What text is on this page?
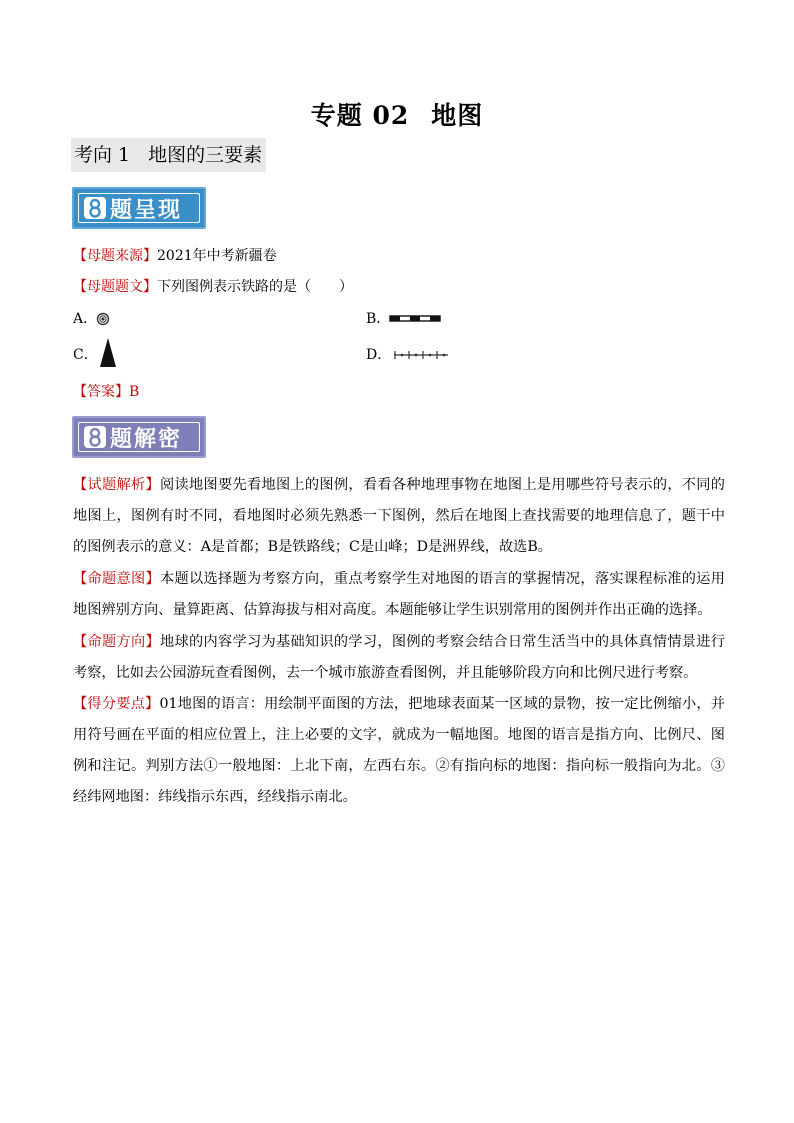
专题 02 地图
考向 1 地图的三要素
题呈现
【母题来源】2021年中考新疆卷
【母题题文】下列图例表示铁路的是（　　）
A．	B．
C．	D．
【答案】B
题解密
【试题解析】阅读地图要先看地图上的图例，看看各种地理事物在地图上是用哪些符号表示的，不同的地图上，图例有时不同，看地图时必须先熟悉一下图例，然后在地图上查找需要的地理信息了，题干中的图例表示的意义：A是首都；B是铁路线；C是山峰；D是洲界线，故选B。
【命题意图】本题以选择题为考察方向，重点考察学生对地图的语言的掌握情况，落实课程标准的运用地图辨别方向、量算距离、估算海拔与相对高度。本题能够让学生识别常用的图例并作出正确的选择。
【命题方向】地球的内容学习为基础知识的学习，图例的考察会结合日常生活当中的具体真情情景进行考察，比如去公园游玩查看图例，去一个城市旅游查看图例，并且能够阶段方向和比例尺进行考察。
【得分要点】01地图的语言：用绘制平面图的方法，把地球表面某一区域的景物，按一定比例缩小，并用符号画在平面的相应位置上，注上必要的文字，就成为一幅地图。地图的语言是指方向、比例尺、图例和注记。判别方法①一般地图：上北下南，左西右东。②有指向标的地图：指向标一般指向为北。③经纬网地图：纬线指示东西，经线指示南北。
